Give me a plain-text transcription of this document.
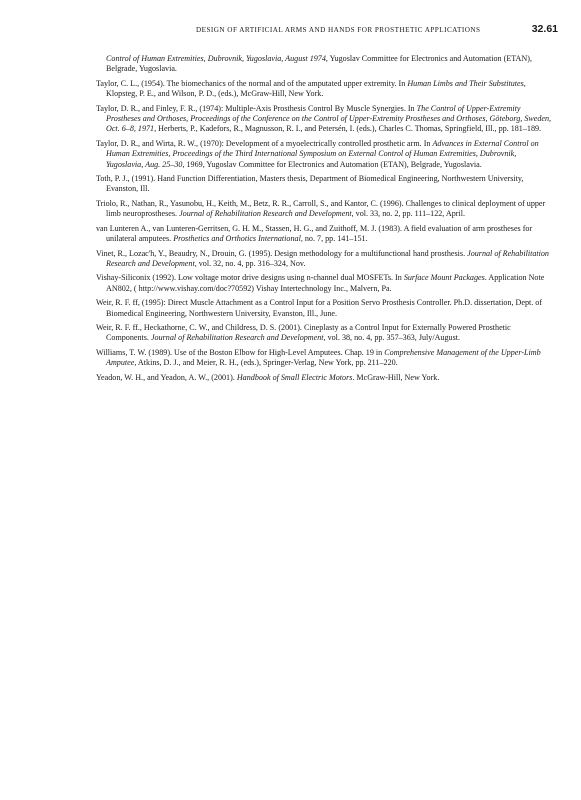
DESIGN OF ARTIFICIAL ARMS AND HANDS FOR PROSTHETIC APPLICATIONS	32.61

Control of Human Extremities, Dubrovnik, Yugoslavia, August 1974, Yugoslav Committee for Electronics and Automation (ETAN), Belgrade, Yugoslavia.

Taylor, C. L., (1954). The biomechanics of the normal and of the amputated upper extremity. In Human Limbs and Their Substitutes, Klopsteg, P. E., and Wilson, P. D., (eds.), McGraw-Hill, New York.

Taylor, D. R., and Finley, F. R., (1974): Multiple-Axis Prosthesis Control By Muscle Synergies. In The Control of Upper-Extremity Prostheses and Orthoses, Proceedings of the Conference on the Control of Upper-Extremity Prostheses and Orthoses, Göteborg, Sweden, Oct. 6–8, 1971, Herberts, P., Kadefors, R., Magnusson, R. I., and Petersén, I. (eds.), Charles C. Thomas, Springfield, Ill., pp. 181–189.

Taylor, D. R., and Wirta, R. W., (1970): Development of a myoelectrically controlled prosthetic arm. In Advances in External Control on Human Extremities, Proceedings of the Third International Symposium on External Control of Human Extremities, Dubrovnik, Yugoslavia, Aug. 25–30, 1969, Yugoslav Committee for Electronics and Automation (ETAN), Belgrade, Yugoslavia.

Toth, P. J., (1991). Hand Function Differentiation, Masters thesis, Department of Biomedical Engineering, Northwestern University, Evanston, Ill.

Triolo, R., Nathan, R., Yasunobu, H., Keith, M., Betz, R. R., Carroll, S., and Kantor, C. (1996). Challenges to clinical deployment of upper limb neuroprostheses. Journal of Rehabilitation Research and Development, vol. 33, no. 2, pp. 111–122, April.

van Lunteren A., van Lunteren-Gerritsen, G. H. M., Stassen, H. G., and Zuithoff, M. J. (1983). A field evaluation of arm prostheses for unilateral amputees. Prosthetics and Orthotics International, no. 7, pp. 141–151.

Vinet, R., Lozac'h, Y., Beaudry, N., Drouin, G. (1995). Design methodology for a multifunctional hand prosthesis. Journal of Rehabilitation Research and Development, vol. 32, no. 4, pp. 316–324, Nov.

Vishay-Siliconix (1992). Low voltage motor drive designs using n-channel dual MOSFETs. In Surface Mount Packages. Application Note AN802, ( http://www.vishay.com/doc?70592) Vishay Intertechnology Inc., Malvern, Pa.

Weir, R. F. ff, (1995): Direct Muscle Attachment as a Control Input for a Position Servo Prosthesis Controller. Ph.D. dissertation, Dept. of Biomedical Engineering, Northwestern University, Evanston, Ill., June.

Weir, R. F. ff., Heckathorne, C. W., and Childress, D. S. (2001). Cineplasty as a Control Input for Externally Powered Prosthetic Components. Journal of Rehabilitation Research and Development, vol. 38, no. 4, pp. 357–363, July/August.

Williams, T. W. (1989). Use of the Boston Elbow for High-Level Amputees. Chap. 19 in Comprehensive Management of the Upper-Limb Amputee, Atkins, D. J., and Meier, R. H., (eds.), Springer-Verlag, New York, pp. 211–220.

Yeadon, W. H., and Yeadon, A. W., (2001). Handbook of Small Electric Motors. McGraw-Hill, New York.
